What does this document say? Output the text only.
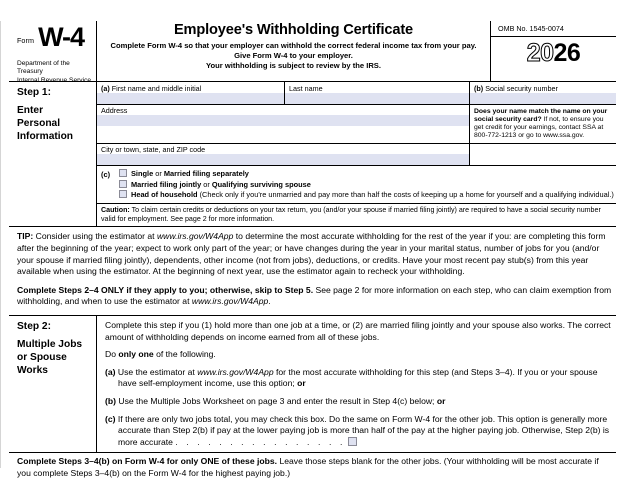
Form W-4
Department of the Treasury
Internal Revenue Service
Employee's Withholding Certificate
Complete Form W-4 so that your employer can withhold the correct federal income tax from your pay.
Give Form W-4 to your employer.
Your withholding is subject to review by the IRS.
OMB No. 1545-0074
2026
Step 1:
Enter
Personal
Information
(a) First name and middle initial	Last name	(b) Social security number
Address	Does your name match the name on your social security card? If not, to ensure you get credit for your earnings, contact SSA at 800-772-1213 or go to www.ssa.gov.
City or town, state, and ZIP code
(c)	Single or Married filing separately
Married filing jointly or Qualifying surviving spouse
Head of household (Check only if you're unmarried and pay more than half the costs of keeping up a home for yourself and a qualifying individual.)
Caution: To claim certain credits or deductions on your tax return, you (and/or your spouse if married filing jointly) are required to have a social security number valid for employment. See page 2 for more information.

TIP: Consider using the estimator at www.irs.gov/W4App to determine the most accurate withholding for the rest of the year if you: are completing this form after the beginning of the year; expect to work only part of the year; or have changes during the year in your marital status, number of jobs for you (and/or your spouse if married filing jointly), dependents, other income (not from jobs), deductions, or credits. Have your most recent pay stub(s) from this year available when using the estimator. At the beginning of next year, use the estimator again to recheck your withholding.

Complete Steps 2–4 ONLY if they apply to you; otherwise, skip to Step 5. See page 2 for more information on each step, who can claim exemption from withholding, and when to use the estimator at www.irs.gov/W4App.

Step 2:
Multiple Jobs
or Spouse
Works

Complete this step if you (1) hold more than one job at a time, or (2) are married filing jointly and your spouse also works. The correct amount of withholding depends on income earned from all of these jobs.

Do only one of the following.

(a) Use the estimator at www.irs.gov/W4App for the most accurate withholding for this step (and Steps 3–4). If you or your spouse have self-employment income, use this option; or

(b) Use the Multiple Jobs Worksheet on page 3 and enter the result in Step 4(c) below; or

(c) If there are only two jobs total, you may check this box. Do the same on Form W-4 for the other job. This option is generally more accurate than Step 2(b) if pay at the lower paying job is more than half of the pay at the higher paying job. Otherwise, Step 2(b) is more accurate . . . . . . . . . . . . . . . .

Complete Steps 3–4(b) on Form W-4 for only ONE of these jobs. Leave those steps blank for the other jobs. (Your withholding will be most accurate if you complete Steps 3–4(b) on the Form W-4 for the highest paying job.)
